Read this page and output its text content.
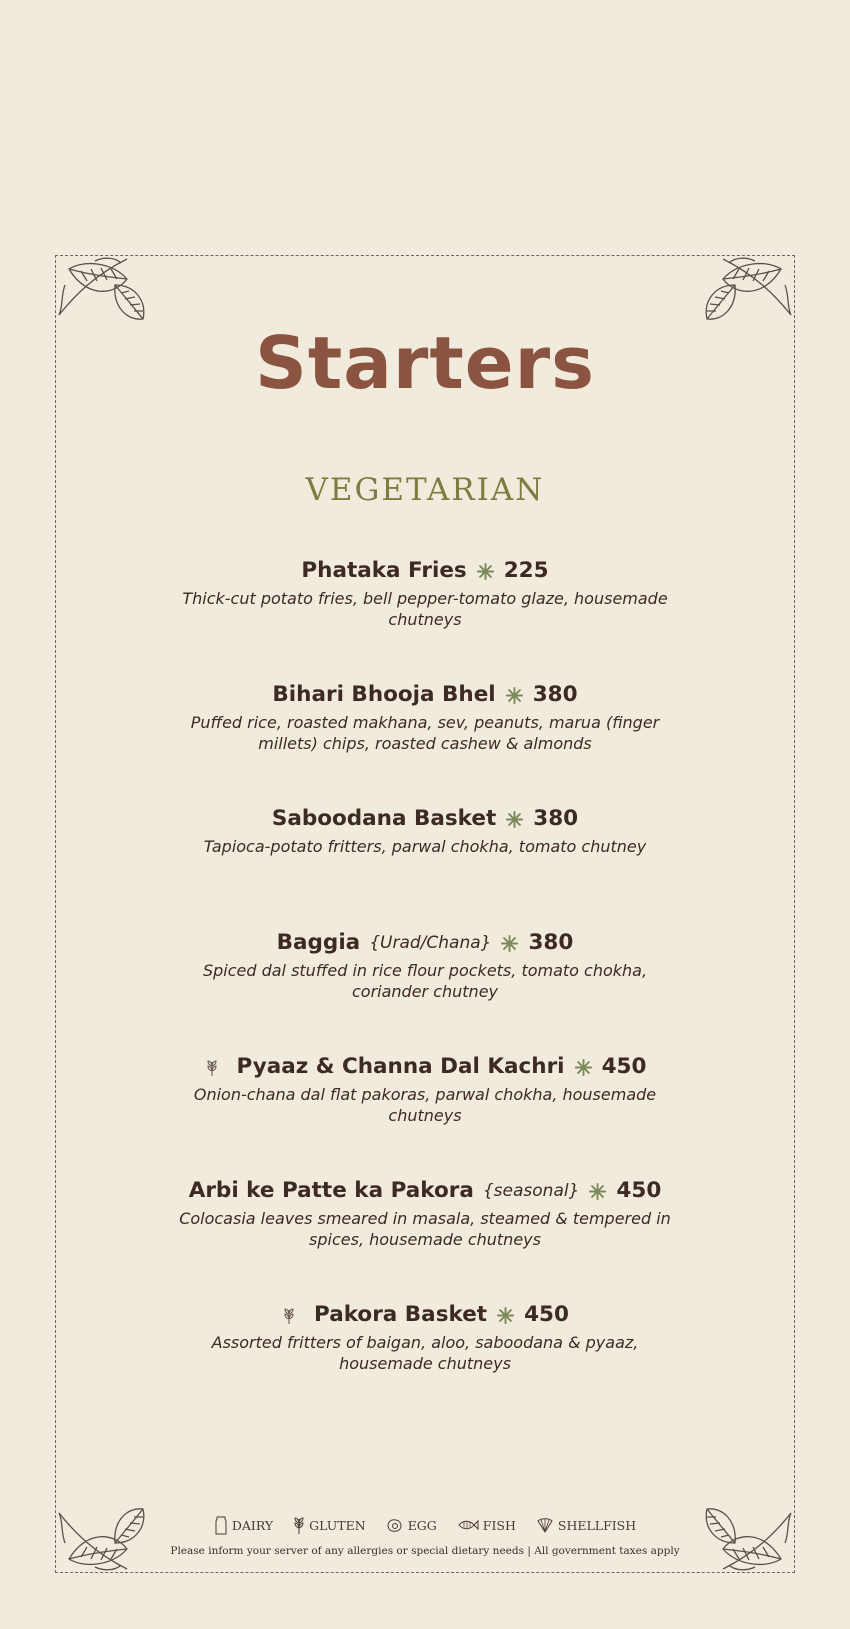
Starters
VEGETARIAN
Phataka Fries 225
Thick-cut potato fries, bell pepper-tomato glaze, housemade chutneys
Bihari Bhooja Bhel 380
Puffed rice, roasted makhana, sev, peanuts, marua (finger millets) chips, roasted cashew & almonds
Saboodana Basket 380
Tapioca-potato fritters, parwal chokha, tomato chutney
Baggia {Urad/Chana} 380
Spiced dal stuffed in rice flour pockets, tomato chokha, coriander chutney
Pyaaz & Channa Dal Kachri 450
Onion-chana dal flat pakoras, parwal chokha, housemade chutneys
Arbi ke Patte ka Pakora {seasonal} 450
Colocasia leaves smeared in masala, steamed & tempered in spices, housemade chutneys
Pakora Basket 450
Assorted fritters of baigan, aloo, saboodana & pyaaz, housemade chutneys
DAIRY	GLUTEN	EGG	FISH	SHELLFISH
Please inform your server of any allergies or special dietary needs | All government taxes apply
